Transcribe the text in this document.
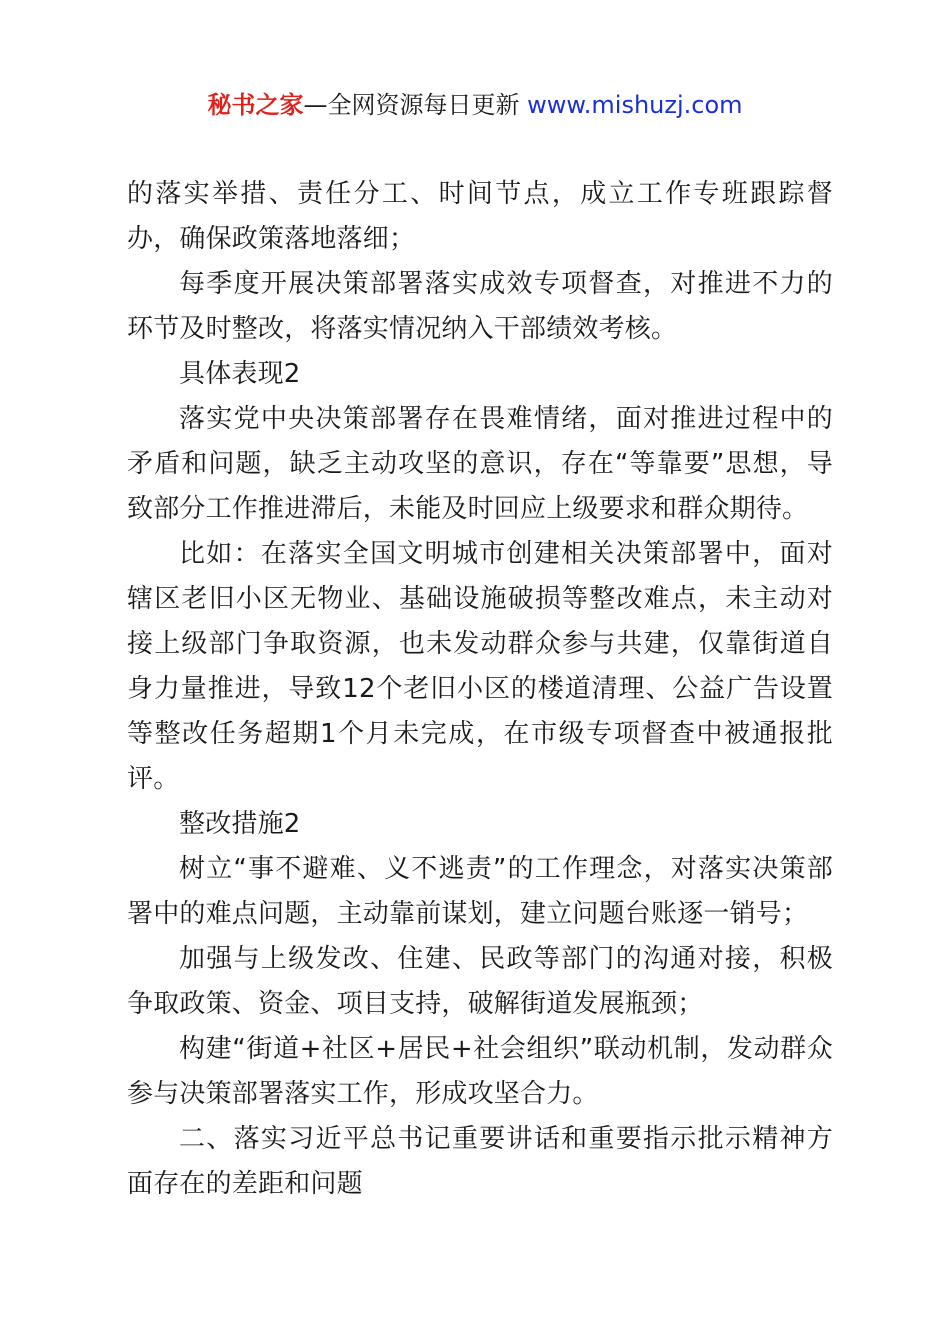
秘书之家—全网资源每日更新 www.mishuzj.com

的落实举措、责任分工、时间节点，成立工作专班跟踪督办，确保政策落地落细；

每季度开展决策部署落实成效专项督查，对推进不力的环节及时整改，将落实情况纳入干部绩效考核。

具体表现2

落实党中央决策部署存在畏难情绪，面对推进过程中的矛盾和问题，缺乏主动攻坚的意识，存在“等靠要”思想，导致部分工作推进滞后，未能及时回应上级要求和群众期待。

比如：在落实全国文明城市创建相关决策部署中，面对辖区老旧小区无物业、基础设施破损等整改难点，未主动对接上级部门争取资源，也未发动群众参与共建，仅靠街道自身力量推进，导致12个老旧小区的楼道清理、公益广告设置等整改任务超期1个月未完成，在市级专项督查中被通报批评。

整改措施2

树立“事不避难、义不逃责”的工作理念，对落实决策部署中的难点问题，主动靠前谋划，建立问题台账逐一销号；

加强与上级发改、住建、民政等部门的沟通对接，积极争取政策、资金、项目支持，破解街道发展瓶颈；

构建“街道+社区+居民+社会组织”联动机制，发动群众参与决策部署落实工作，形成攻坚合力。

二、落实习近平总书记重要讲话和重要指示批示精神方面存在的差距和问题
